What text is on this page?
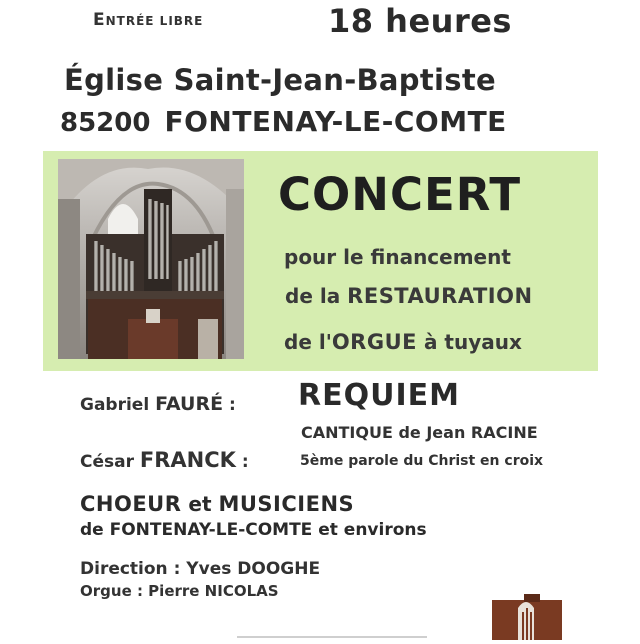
ENTRÉE LIBRE	18 heures
Église Saint-Jean-Baptiste
85200 FONTENAY-LE-COMTE
CONCERT
pour le financement
de la RESTAURATION
de l'ORGUE à tuyaux
Gabriel FAURÉ : REQUIEM
CANTIQUE de Jean RACINE
César FRANCK :	5ème parole du Christ en croix
CHOEUR et MUSICIENS
de FONTENAY-LE-COMTE et environs
Direction : Yves DOOGHE
Orgue : Pierre NICOLAS
